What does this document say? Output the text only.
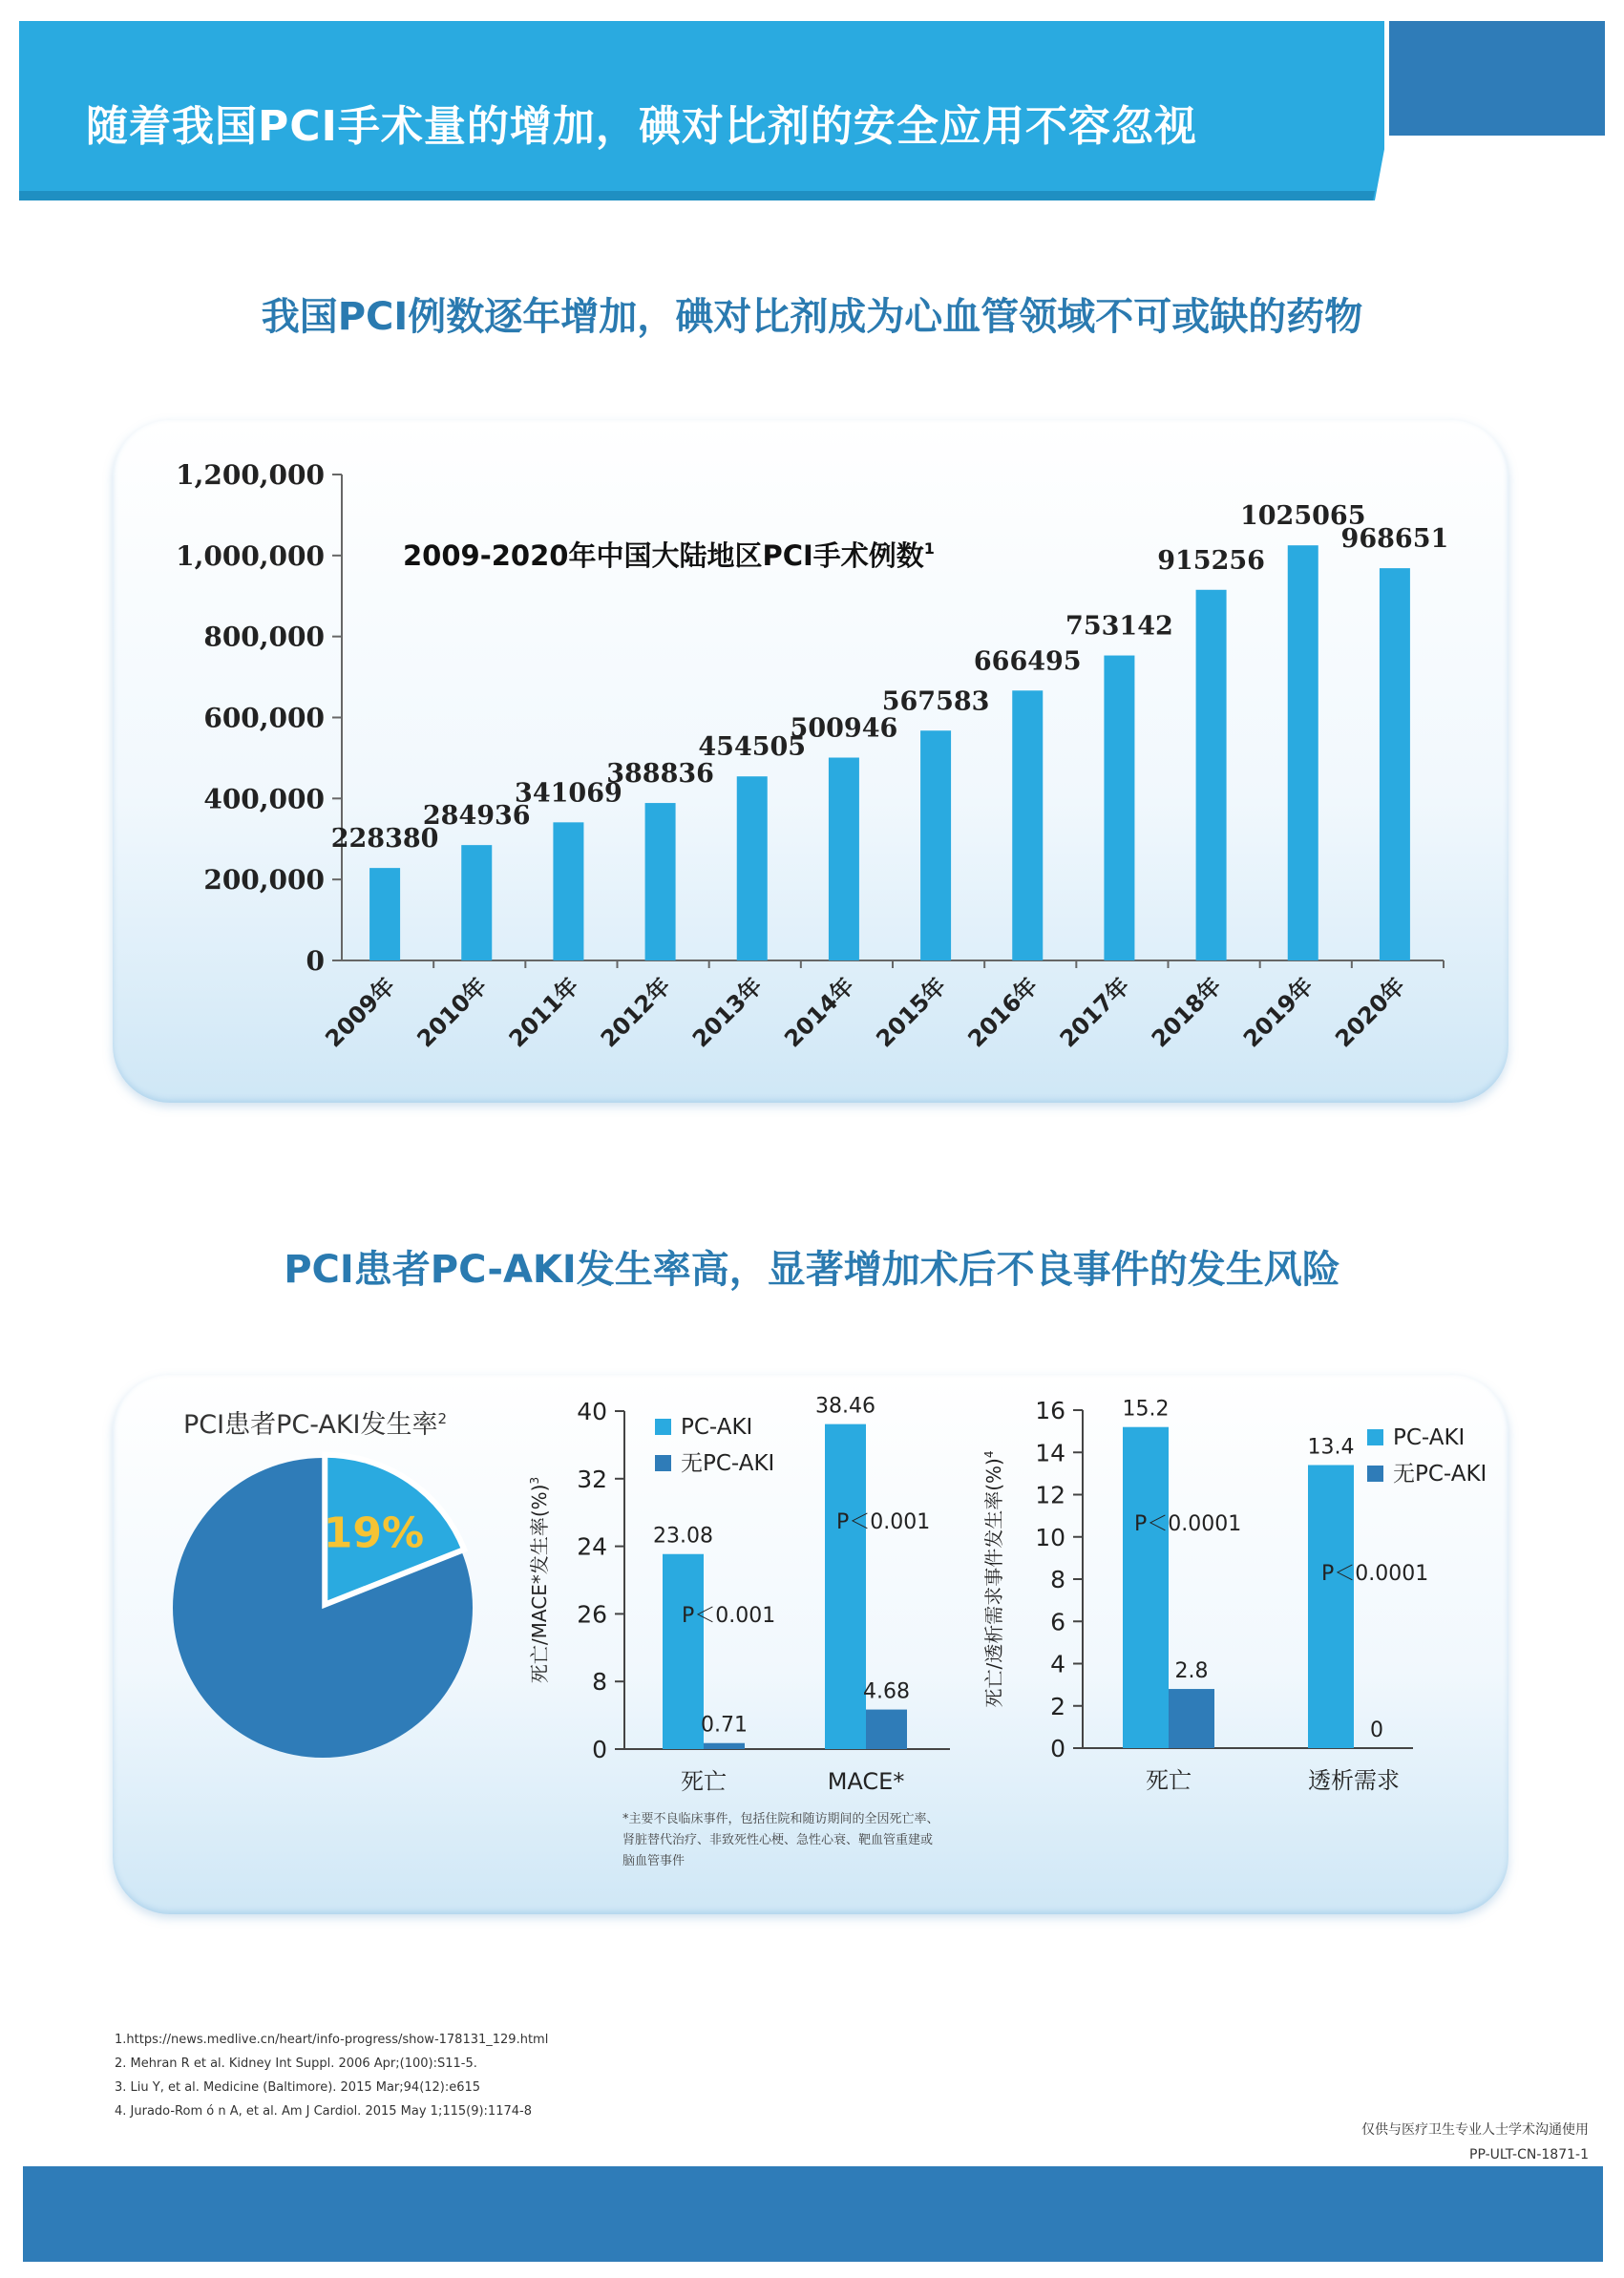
随着我国PCI手术量的增加，碘对比剂的安全应用不容忽视
我国PCI例数逐年增加，碘对比剂成为心血管领域不可或缺的药物
0
200,000
400,000
600,000
800,000
1,000,000
1,200,000
228380
2009年
284936
2010年
341069
2011年
388836
2012年
454505
2013年
500946
2014年
567583
2015年
666495
2016年
753142
2017年
915256
2018年
1025065
2019年
968651
2020年
2009-2020年中国大陆地区PCI手术例数$^1$
PCI患者PC-AKI发生率高，显著增加术后不良事件的发生风险
PCI患者PC-AKI发生率$^2$
19%
0
8
26
24
32
40
死亡/MACE*发生率(%)$^3$
23.08
0.71
死亡
P＜0.001
38.46
4.68
MACE*
P＜0.001
PC-AKI
无PC-AKI
0
2
4
6
8
10
12
14
16
死亡/透析需求事件发生率(%)$^4$
15.2
2.8
死亡
P＜0.0001
13.4
0
透析需求
P＜0.0001
PC-AKI
无PC-AKI
*主要不良临床事件，包括住院和随访期间的全因死亡率、
肾脏替代治疗、非致死性心梗、急性心衰、靶血管重建或
脑血管事件
1.https://news.medlive.cn/heart/info-progress/show-178131_129.html
2. Mehran R et al. Kidney Int Suppl. 2006 Apr;(100):S11-5.
3. Liu Y, et al. Medicine (Baltimore). 2015 Mar;94(12):e615
4. Jurado-Rom ó n A, et al. Am J Cardiol. 2015 May 1;115(9):1174-8
仅供与医疗卫生专业人士学术沟通使用
PP-ULT-CN-1871-1
